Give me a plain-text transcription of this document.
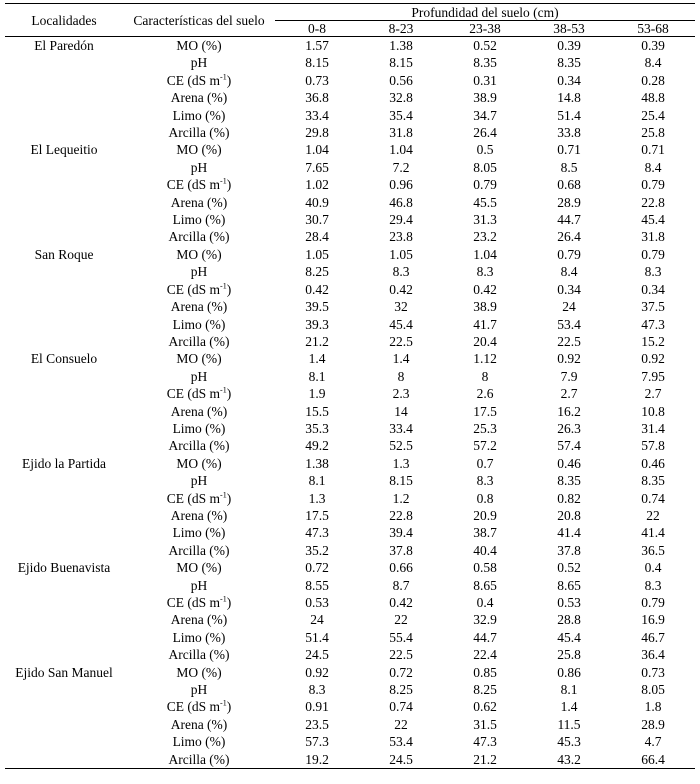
Localidades	Características del suelo	Profundidad del suelo (cm)				
		0-8	8-23	23-38	38-53	53-68
El Paredón	MO (%)	1.57	1.38	0.52	0.39	0.39
	pH	8.15	8.15	8.35	8.35	8.4
	CE (dS $m^{-1}$)	0.73	0.56	0.31	0.34	0.28
	Arena (%)	36.8	32.8	38.9	14.8	48.8
	Limo (%)	33.4	35.4	34.7	51.4	25.4
	Arcilla (%)	29.8	31.8	26.4	33.8	25.8
El Lequeitio	MO (%)	1.04	1.04	0.5	0.71	0.71
	pH	7.65	7.2	8.05	8.5	8.4
	CE (dS $m^{-1}$)	1.02	0.96	0.79	0.68	0.79
	Arena (%)	40.9	46.8	45.5	28.9	22.8
	Limo (%)	30.7	29.4	31.3	44.7	45.4
	Arcilla (%)	28.4	23.8	23.2	26.4	31.8
San Roque	MO (%)	1.05	1.05	1.04	0.79	0.79
	pH	8.25	8.3	8.3	8.4	8.3
	CE (dS $m^{-1}$)	0.42	0.42	0.42	0.34	0.34
	Arena (%)	39.5	32	38.9	24	37.5
	Limo (%)	39.3	45.4	41.7	53.4	47.3
	Arcilla (%)	21.2	22.5	20.4	22.5	15.2
El Consuelo	MO (%)	1.4	1.4	1.12	0.92	0.92
	pH	8.1	8	8	7.9	7.95
	CE (dS $m^{-1}$)	1.9	2.3	2.6	2.7	2.7
	Arena (%)	15.5	14	17.5	16.2	10.8
	Limo (%)	35.3	33.4	25.3	26.3	31.4
	Arcilla (%)	49.2	52.5	57.2	57.4	57.8
Ejido la Partida	MO (%)	1.38	1.3	0.7	0.46	0.46
	pH	8.1	8.15	8.3	8.35	8.35
	CE (dS $m^{-1}$)	1.3	1.2	0.8	0.82	0.74
	Arena (%)	17.5	22.8	20.9	20.8	22
	Limo (%)	47.3	39.4	38.7	41.4	41.4
	Arcilla (%)	35.2	37.8	40.4	37.8	36.5
Ejido Buenavista	MO (%)	0.72	0.66	0.58	0.52	0.4
	pH	8.55	8.7	8.65	8.65	8.3
	CE (dS $m^{-1}$)	0.53	0.42	0.4	0.53	0.79
	Arena (%)	24	22	32.9	28.8	16.9
	Limo (%)	51.4	55.4	44.7	45.4	46.7
	Arcilla (%)	24.5	22.5	22.4	25.8	36.4
Ejido San Manuel	MO (%)	0.92	0.72	0.85	0.86	0.73
	pH	8.3	8.25	8.25	8.1	8.05
	CE (dS $m^{-1}$)	0.91	0.74	0.62	1.4	1.8
	Arena (%)	23.5	22	31.5	11.5	28.9
	Limo (%)	57.3	53.4	47.3	45.3	4.7
	Arcilla (%)	19.2	24.5	21.2	43.2	66.4
